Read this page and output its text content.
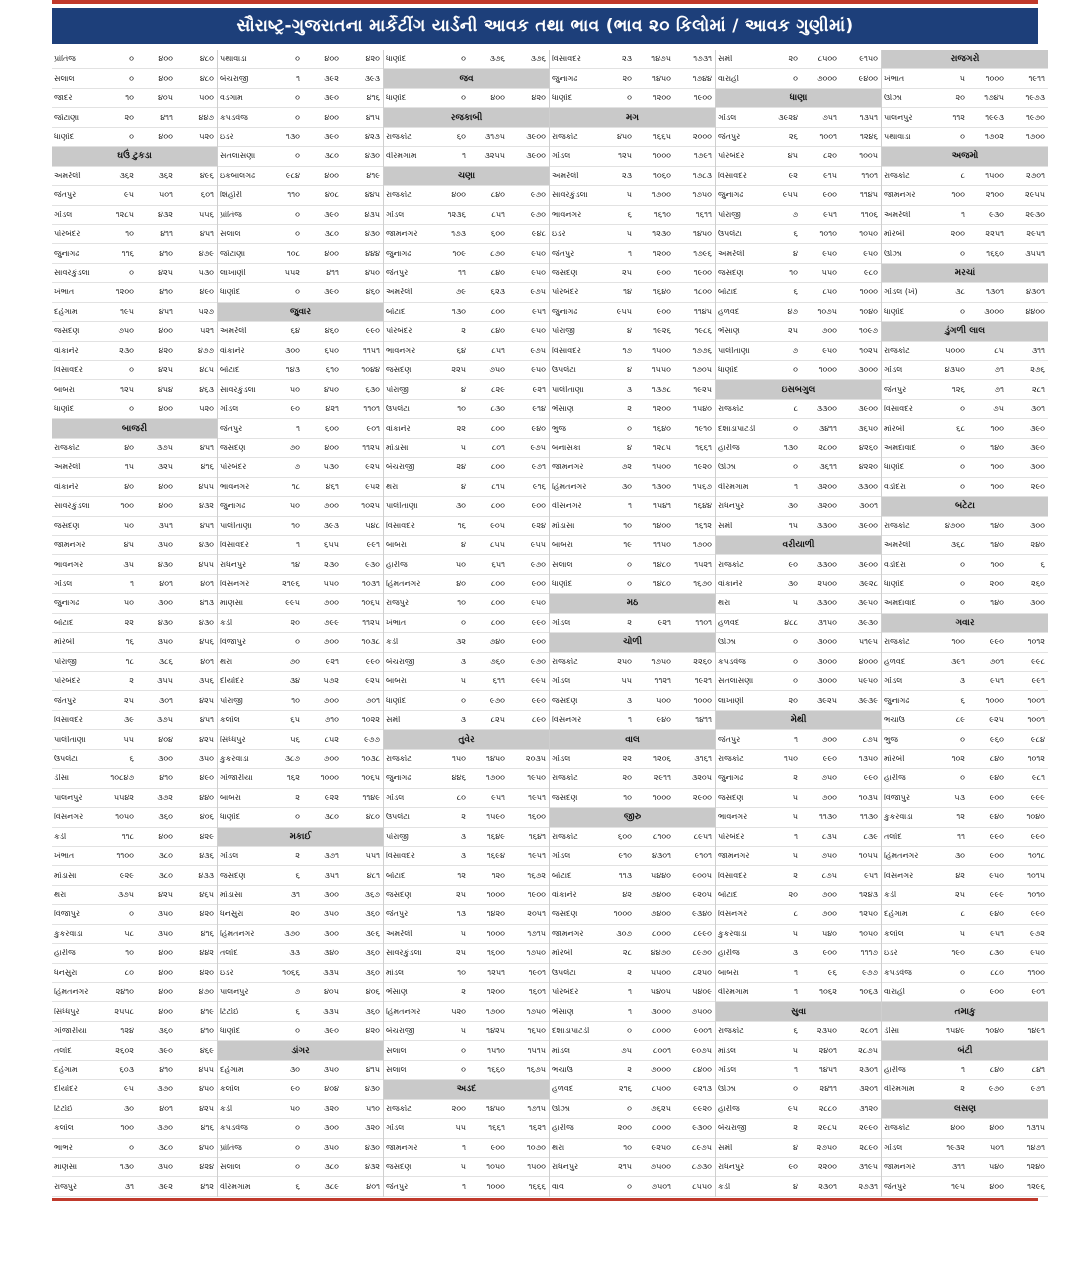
સૌરાષ્ટ્ર-ગુજરાતના માર્કેટીંગ યાર્ડની આવક તથા ભાવ (ભાવ ૨૦ કિલોમાં / આવક ગુણીમાં)
પ્રાંતિજ	૦	૪૦૦	૪૮૦
સલાલ	૦	૪૦૦	૪૮૦
જાદર	૧૦	૪૦૫	૫૦૦
જોટાણા	૨૦	૪૧૧	૪૪૭
ધાણોદ	૦	૪૦૦	૫૨૦
ઘઉં ટુકડા
અમરેલી	૩૬૨	૩૬૨	૪૯૬
જેતપુર	૯૫	૫૦૧	૬૦૧
ગોંડલ	૧૨૮૫	૪૩૨	૫૫૬
પોરબંદર	૧૦	૪૧૧	૪૫૧
જુનાગઢ	૧૧૬	૪૧૦	૪૭૯
સાવરકુંડલા	૦	૪૨૫	૫૩૦
ખંભાત	૧૨૦૦	૪૧૦	૪૯૦
દહેગામ	૧૯૫	૪૫૧	૫૨૭
જસદણ	૭૫૦	૪૦૦	૫૨૧
વાંકાનેર	૨૩૦	૪૨૦	૪૭૭
વિસાવદર	૦	૪૨૫	૪૮૫
બાબરા	૧૨૫	૪૫૪	૪૬૩
ધાણોદ	૦	૪૦૦	૫૨૦
બાજરી
રાજકોટ	૪૦	૩૭૫	૪૫૧
અમરેલી	૧૫	૩૨૫	૪૧૬
વાંકાનેર	૪૦	૪૦૦	૪૫૫
સાવરકુંડલા	૧૦૦	૪૦૦	૪૩૨
જસદણ	૫૦	૩૫૧	૪૫૧
જામનગર	૪૫	૩૫૦	૪૩૦
ભાવનગર	૩૫	૪૩૦	૪૫૫
ગોંડલ	૧	૪૦૧	૪૦૧
જુનાગઢ	૫૦	૩૦૦	૪૧૩
બોટાદ	૨૨	૪૩૦	૪૩૦
મોરબી	૧૬	૩૫૦	૪૫૬
પોરાજી	૧૮	૩૮૬	૪૦૧
પોરબંદર	૨	૩૫૫	૩૫૬
જેતપુર	૨૫	૩૦૧	૪૨૫
વિસાવદર	૩૯	૩૭૫	૪૫૧
પાલીતાણા	૫૫	૪૦૪	૪૨૫
ઉપલેટા	૬	૩૦૦	૩૫૦
ડીસા	૧૦૮૪૭	૪૧૦	૪૯૦
પાલનપુર	૫૫૪૨	૩૭૨	૪૪૦
વિસનગર	૧૦૫૦	૩૬૦	૪૦૬
કડી	૧૧૮	૪૦૦	૪૨૯
ખંભાત	૧૧૦૦	૩૮૦	૪૩૬
મોડાસા	૯૨૯	૩૮૦	૪૩૩
થરા	૩૭૫	૪૨૫	૪૬૫
વિજાપુર	૦	૩૫૦	૪૨૦
કુકરવાડા	૫૮	૩૫૦	૪૧૬
હારીજ	૧૦	૪૦૦	૪૪૨
ધનસુરા	૮૦	૪૦૦	૪૨૦
હિંમતનગર	૨૪૧૦	૪૦૦	૪૭૦
સિધ્ધપુર	૨૫૫૮	૪૦૦	૪૧૯
ગોજારીયા	૧૨૪	૩૬૦	૪૧૦
તલોદ	૨૬૦૨	૩૯૦	૪૬૯
દહેગામ	૬૦૩	૪૧૦	૪૫૫
દીયોદર	૯૫	૩૭૦	૪૫૦
ટિંટોઈ	૩૦	૪૦૧	૪૨૫
કલોલ	૧૦૦	૩૭૦	૪૧૬
ભાભર	૦	૩૮૦	૪૫૦
માણસા	૧૩૦	૩૫૦	૪૨૪
રાજપુર	૩૧	૩૯૨	૪૧૨
પથાવાડા	૦	૪૦૦	૪૨૦
બેચરાજી	૧	૩૯૨	૩૯૩
વડગામ	૦	૩૯૦	૪૧૬
કપડવંજ	૦	૪૦૦	૪૧૫
ઇડર	૧૩૦	૩૯૦	૪૨૩
સતલાસણા	૦	૩૮૦	૪૩૦
ઇકબાલગઢ	૯૮૪	૪૦૦	૪૧૯
શિહોરી	૧૧૦	૪૦૮	૪૪૫
પ્રાંતિજ	૦	૩૯૦	૪૩૫
સલાલ	૦	૩૮૦	૪૩૦
જોટાણા	૧૦૮	૪૦૦	૪૪૪
લાખાણી	૫૫૨	૪૧૧	૪૫૦
ધાણોદ	૦	૩૯૦	૪૬૦
જુવાર
અમરેલી	૬૪	૪૬૦	૯૯૦
વાંકાનેર	૩૦૦	૬૫૦	૧૧૫૧
બોટાદ	૧૪૩	૬૧૦	૧૦૪૪
સાવરકુંડલા	૫૦	૪૫૦	૬૩૦
ગોંડલ	૯૦	૪૨૧	૧૧૦૧
જેતપુર	૧	૬૦૦	૯૦૧
જસદણ	૭૦	૪૦૦	૧૧૨૫
પોરબંદર	૭	૫૩૦	૯૨૫
ભાવનગર	૧૮	૪૬૧	૯૫૨
જુનાગઢ	૫૦	૭૦૦	૧૦૨૫
પાલીતાણા	૧૦	૩૯૩	૫૪૮
વિસાવદર	૧	૬૫૫	૯૯૧
રાધનપુર	૧૪	૨૩૦	૯૩૦
વિસનગર	૨૧૯૬	૫૫૦	૧૦૩૧
માણસા	૯૯૫	૭૦૦	૧૦૬૫
કડી	૨૦	૭૯૯	૧૧૨૫
વિજાપુર	૦	૭૦૦	૧૦૩૮
થરા	૭૦	૯૨૧	૯૯૦
દીયોદર	૩૪	૫૭૨	૯૨૫
પોરાજી	૧૦	૭૦૦	૭૦૧
કલોલ	૬૫	૭૧૦	૧૦૨૨
સિધ્ધપુર	૫૬	૮૫૨	૯૭૭
કુકરવાડા	૩૮૭	૭૦૦	૧૦૩૮
ગોજારીયા	૧૬૨	૧૦૦૦	૧૦૬૫
બાબરા	૨	૯૨૨	૧૧૪૯
ધાણોદ	૦	૩૮૦	૪૮૦
મકાઈ
ગોંડલ	૨	૩૭૧	૫૫૧
જસદણ	૬	૩૫૧	૪૮૧
મોડાસા	૩૧	૩૦૦	૩૬૭
ધનસુરા	૨૦	૩૫૦	૩૬૦
હિંમતનગર	૩૭૦	૩૦૦	૩૯૬
તલોદ	૩૩	૩૪૦	૩૬૦
ઇડર	૧૦૬૬	૩૩૫	૩૬૦
પાલનપુર	૭	૪૦૫	૪૦૬
ટિંટોઈ	૬	૩૩૫	૩૬૦
ધાણોદ	૦	૩૯૦	૪૨૦
ડાંગર
દહેગામ	૩૦	૩૫૦	૪૧૫
કલોલ	૯૦	૪૦૪	૪૩૦
કડી	૫૦	૩૨૦	૫૧૦
કપડવંજ	૦	૩૦૦	૩૨૦
પ્રાંતિજ	૦	૩૫૦	૪૩૦
સલાલ	૦	૩૮૦	૪૩૨
વીરમગામ	૬	૩૮૯	૪૦૧
ધાણોદ	૦	૩૭૬	૩૭૬
જવ
ધાણોદ	૦	૪૦૦	૪૨૦
રજકાબી
રાજકોટ	૬૦	૩૧૭૫	૩૯૦૦
વીરમગામ	૧	૩૨૫૫	૩૯૦૦
ચણા
રાજકોટ	૪૦૦	૮૪૦	૯૭૦
ગોંડલ	૧૨૩૬	૮૫૧	૯૭૦
જામનગર	૧૭૩	૬૦૦	૯૪૮
જુનાગઢ	૧૦૯	૮૭૦	૯૫૦
જેતપુર	૧૧	૮૪૦	૯૫૦
અમરેલી	૭૯	૬૨૩	૯૭૫
બોટાદ	૧૩૦	૮૦૦	૯૫૧
પોરબંદર	૨	૮૪૦	૯૫૦
ભાવનગર	૬૪	૮૫૧	૯૭૫
જસદણ	૨૨૫	૭૫૦	૯૫૦
પોરાજી	૪	૮૨૯	૯૨૧
ઉપલેટા	૧૦	૮૩૦	૯૧૪
વાંકાનેર	૨૨	૮૦૦	૯૪૦
મોડાસા	૫	૮૦૧	૯૭૫
બેચરાજી	૨૪	૮૦૦	૯૭૧
થરા	૪	૮૧૫	૯૧૬
પાલીતાણા	૩૦	૮૦૦	૯૦૦
વિસાવદર	૧૬	૯૦૫	૯૨૪
બાબરા	૪	૮૫૫	૯૫૫
હારીજ	૫૦	૬૫૧	૯૭૦
હિંમતનગર	૪૦	૮૦૦	૯૦૦
રાજપુર	૧૦	૮૦૦	૯૫૦
ખંભાત	૦	૮૦૦	૯૯૦
કડી	૩૨	૭૪૦	૯૦૦
બેચરાજી	૩	૭૬૦	૯૭૦
બાબરા	૫	૬૧૧	૯૯૫
ધાણોદ	૦	૯૭૦	૯૯૦
સમી	૩	૮૨૫	૮૯૦
તુવેર
રાજકોટ	૧૫૦	૧૪૫૦	૨૦૩૫
જુનાગઢ	૪૪૬	૧૭૦૦	૧૯૫૦
ગોંડલ	૮૦	૯૫૧	૧૯૫૧
ઉપલેટા	૨	૧૫૯૦	૧૬૦૦
પોરાજી	૩	૧૬૪૯	૧૬૪૧
વિસાવદર	૩	૧૬૯૪	૧૯૫૧
બોટાદ	૧૨	૧૨૦	૧૬૭૨
જસદણ	૨૫	૧૦૦૦	૧૯૦૦
જેતપુર	૧૩	૧૪૨૦	૨૦૫૧
અમરેલી	૫	૧૦૦૦	૧૭૧૫
સાવરકુંડલા	૨૫	૧૬૦૦	૧૭૫૦
માંડલ	૧૦	૧૨૫૧	૧૯૦૧
ભેંસાણ	૨	૧૨૦૦	૧૬૦૧
હિંમતનગર	૫૨૦	૧૭૦૦	૧૭૫૦
બેચરાજી	૫	૧૪૨૫	૧૬૫૦
સલાલ	૦	૧૫૧૦	૧૫૧૫
સલાલ	૦	૧૬૬૦	૧૬૭૫
અડદ
રાજકોટ	૨૦૦	૧૪૫૦	૧૭૧૫
ગોંડલ	૫૫	૧૬૬૧	૧૬૨૧
જામનગર	૧	૯૦૦	૧૦૭૦
જસદણ	૫	૧૦૫૦	૧૫૦૦
જેતપુર	૧	૧૦૦૦	૧૬૬૬
વિસાવદર	૨૩	૧૪૭૫	૧૭૩૧
જુનાગઢ	૨૦	૧૪૫૦	૧૭૪૪
ધાણોદ	૦	૧૨૦૦	૧૯૦૦
મગ
રાજકોટ	૪૫૦	૧૬૬૫	૨૦૦૦
ગોંડલ	૧૨૫	૧૦૦૦	૧૭૯૧
અમરેલી	૨૩	૧૦૬૦	૧૭૮૩
સાવરકુંડલા	૫	૧૭૦૦	૧૭૫૦
ભાવનગર	૬	૧૬૧૦	૧૬૧૧
ઇડર	૫	૧૨૩૦	૧૪૫૦
જેતપુર	૧	૧૨૦૦	૧૭૯૬
જસદણ	૨૫	૯૦૦	૧૯૦૦
પોરબંદર	૧૪	૧૬૪૦	૧૮૦૦
જુનાગઢ	૯૫૫	૯૦૦	૧૧૪૫
પોરાજી	૪	૧૯૨૬	૧૯૮૬
વિસાવદર	૧૭	૧૫૦૦	૧૭૭૬
ઉપલેટા	૪	૧૫૫૦	૧૭૦૫
પાલીતાણા	૩	૧૩૭૮	૧૯૨૫
ભેંસાણ	૨	૧૨૦૦	૧૫૪૦
ભુજ	૦	૧૬૪૦	૧૯૧૦
બનાસકા	૪	૧૨૮૫	૧૬૬૧
જામનગર	૭૨	૧૫૦૦	૧૯૨૦
હિંમતનગર	૩૦	૧૩૦૦	૧૫૬૭
વીસનગર	૧	૧૫૪૧	૧૬૪૪
મોડાસા	૧૦	૧૪૦૦	૧૬૧૨
બાબરા	૧૯	૧૧૫૦	૧૭૦૦
સલાલ	૦	૧૪૮૦	૧૫૨૧
ધાણોદ	૦	૧૪૮૦	૧૬૭૦
મઠ
ગોંડલ	૨	૯૨૧	૧૧૦૧
ચોળી
રાજકોટ	૨૫૦	૧૭૫૦	૨૨૬૦
ગોંડલ	૫૫	૧૧૨૧	૧૯૨૧
જસદણ	૩	૫૦૦	૧૦૦૦
વિસનગર	૧	૯૪૦	૧૪૧૧
વાલ
ગોંડલ	૨૨	૧૨૦૬	૩૧૬૧
રાજકોટ	૨૦	૨૯૧૧	૩૨૦૫
જસદણ	૧૦	૧૦૦૦	૨૯૦૦
જીરુ
રાજકોટ	૬૦૦	૮૧૦૦	૮૯૫૧
ગોંડલ	૯૧૦	૪૩૦૧	૯૧૦૧
બોટાદ	૧૧૩	૫૪૪૦	૯૦૦૫
વાંકાનેર	૪૨	૭૪૦૦	૯૨૦૫
જસદણ	૧૦૦૦	૭૪૦૦	૯૩૪૦
જામનગર	૩૦૭	૮૦૦૦	૮૯૯૦
મોરબી	૨૮	૪૪૭૦	૮૯૭૦
ઉપલેટા	૨	૫૫૦૦	૮૨૫૦
પોરબંદર	૧	૫૪૦૫	૫૪૦૯
ભેંસાણ	૧	૩૦૦૦	૭૫૦૦
દશાડાપાટડી	૦	૮૦૦૦	૯૦૦૧
માંડલ	૭૫	૮૦૦૧	૯૦૭૫
ભચાઉ	૨	૭૦૦૦	૮૪૦૦
હળવદ	૨૧૬	૮૫૦૦	૯૨૧૩
ઊંઝા	૦	૭૬૨૫	૯૯૨૦
હારીજ	૨૦૦	૮૦૦૦	૯૩૦૦
થરા	૧૦	૯૨૫૦	૮૯૭૫
રાધનપુર	૨૧૫	૭૫૦૦	૮૭૩૦
વાવ	૦	૭૫૦૧	૮૫૫૦
સમી	૨૦	૮૫૦૦	૯૧૫૦
વારાહી	૦	૭૦૦૦	૯૪૦૦
ધાણા
ગોંડલ	૩૯૨૪	૭૫૧	૧૩૫૧
જેતપુર	૨૬	૧૦૦૧	૧૨૪૬
પોરબંદર	૪૫	૮૨૦	૧૦૦૫
વિસાવદર	૯૨	૯૧૫	૧૧૦૧
જુનાગઢ	૯૫૫	૯૦૦	૧૧૪૫
પોરાજી	૭	૯૫૧	૧૧૦૬
ઉપલેટા	૬	૧૦૧૦	૧૦૫૦
અમરેલી	૪	૯૫૦	૯૫૦
જસદણ	૧૦	૫૫૦	૯૮૦
બોટાદ	૬	૮૫૦	૧૦૦૦
હળવદ	૪૭	૧૦૭૫	૧૦૪૦
ભેંસાણ	૨૫	૭૦૦	૧૦૯૭
પાલીતાણા	૭	૯૫૦	૧૦૨૫
ધાણોદ	૦	૧૦૦૦	૩૦૦૦
ઇસબગુલ
રાજકોટ	૮	૩૩૦૦	૩૯૦૦
દશાડાપાટડી	૦	૩૪૧૧	૩૬૫૦
હારીજ	૧૩૦	૨૮૦૦	૪૨૬૦
ઊંઝા	૦	૩૬૧૧	૪૨૨૦
વીરમગામ	૧	૩૨૦૦	૩૩૦૦
રાધનપુર	૩૦	૩૨૦૦	૩૦૦૧
સમી	૧૫	૩૩૦૦	૩૯૦૦
વરીયાળી
રાજકોટ	૯૦	૩૩૦૦	૩૯૦૦
વાંકાનેર	૩૦	૨૫૦૦	૩૯૨૮
થરા	૫	૩૩૦૦	૩૯૫૦
હળવદ	૪૮૮	૩૧૫૦	૩૯૩૦
ઊંઝા	૦	૩૦૦૦	૫૧૯૫
કપડવંજ	૦	૩૦૦૦	૪૦૦૦
સતલાસણા	૦	૩૦૦૦	૫૯૫૦
લાખાણી	૨૦	૩૯૨૫	૩૯૩૯
મેથી
જેતપુર	૧	૭૦૦	૮૭૫
રાજકોટ	૧૫૦	૯૯૦	૧૩૫૦
જુનાગઢ	૨	૭૫૦	૯૯૦
જસદણ	૫	૭૦૦	૧૦૩૫
ભાવનગર	૫	૧૧૩૦	૧૧૩૦
પોરબંદર	૧	૮૩૫	૮૩૯
જામનગર	૫	૭૫૦	૧૦૫૫
વિસાવદર	૨	૮૭૫	૯૫૧
બોટાદ	૨૦	૭૦૦	૧૨૪૩
વિસનગર	૮	૭૦૦	૧૨૫૦
કુકરવાડા	૫	૫૪૦	૧૦૫૦
હારીજ	૩	૯૦૦	૧૧૧૭
બાબરા	૧	૯૬	૯૭૭
વીરમગામ	૧	૧૦૬૨	૧૦૬૩
સુવા
રાજકોટ	૬	૨૩૫૦	૨૮૦૧
માંડલ	૫	૨૪૦૧	૨૮૭૫
ગોંડલ	૧	૧૪૫૧	૨૩૦૧
ઊંઝા	૦	૨૪૧૧	૩૨૦૧
હારીજ	૯૫	૨૮૮૦	૩૧૨૦
બેચરાજી	૨	૨૯૮૫	૨૯૯૦
સમી	૪	૨૭૫૦	૨૮૯૦
રાધનપુર	૯૦	૨૨૦૦	૩૧૯૫
કડી	૪	૨૩૦૧	૨૭૩૧
રાજગરો
ખંભાત	૫	૧૦૦૦	૧૯૧૧
ઊંઝા	૨૦	૧૭૪૫	૧૯૭૩
પાલનપુર	૧૧૨	૧૯૯૩	૧૯૭૦
પથાવાડા	૦	૧૭૦૨	૧૭૦૦
અજમો
રાજકોટ	૮	૧૫૦૦	૨૭૦૧
જામનગર	૧૦૦	૨૧૦૦	૨૯૫૫
અમરેલી	૧	૯૩૦	૨૯૩૦
મોરબી	૨૦૦	૨૨૫૧	૨૯૫૧
ઊંઝા	૦	૧૬૬૦	૩૫૫૧
મરચાં
ગોંડલ (ખે)	૩૮	૧૩૦૧	૪૩૦૧
ધાણોદ	૦	૩૦૦૦	૪૪૦૦
ડુંગળી લાલ
રાજકોટ	૫૦૦૦	૮૫	૩૧૧
ગોંડલ	૪૩૫૦	૭૧	૨૭૬
જેતપુર	૧૨૬	૭૧	૨૮૧
વિસાવદર	૦	૭૫	૩૦૧
મોરબી	૬૮	૧૦૦	૩૯૦
અમદાવાદ	૦	૧૪૦	૩૯૦
ધાણોદ	૦	૧૦૦	૩૦૦
વડોદરા	૦	૧૦૦	૨૯૦
બટેટા
રાજકોટ	૪૭૦૦	૧૪૦	૩૦૦
અમરેલી	૩૬૮	૧૪૦	૨૪૦
વડોદરા	૦	૧૦૦	૬
ધાણોદ	૦	૨૦૦	૨૬૦
અમદાવાદ	૦	૧૪૦	૩૦૦
ગવાર
રાજકોટ	૧૦૦	૯૯૦	૧૦૧૨
હળવદ	૩૯૧	૭૦૧	૯૯૮
ગોંડલ	૩	૯૫૧	૯૯૧
જુનાગઢ	૬	૧૦૦૦	૧૦૦૧
ભચાઉ	૮૯	૯૨૫	૧૦૦૧
ભુજ	૦	૯૬૦	૯૮૪
મોરબી	૧૦૨	૮૪૦	૧૦૧૨
હારીજ	૦	૯૪૦	૯૮૧
વિજાપુર	૫૩	૯૦૦	૯૯૯
કુકરવાડા	૧૨	૯૪૦	૧૦૪૦
તલોદ	૧૧	૯૯૦	૯૯૦
હિંમતનગર	૩૦	૯૦૦	૧૦૧૮
વિસનગર	૪૨	૯૫૦	૧૦૧૫
કડી	૨૫	૯૯૯	૧૦૧૦
દહેગામ	૮	૯૪૦	૯૯૦
કલોલ	૫	૯૫૧	૯૭૨
ઇડર	૧૯૦	૮૩૦	૯૫૦
કપડવંજ	૦	૮૮૦	૧૧૦૦
વારાહી	૦	૯૦૦	૯૦૧
તમાકુ
ડીસા	૧૫૪૯	૧૦૪૦	૧૪૯૧
બંટી
હારીજ	૧	૮૪૦	૮૪૧
વીરમગામ	૨	૯૭૦	૯૭૧
લસણ
રાજકોટ	૪૦૦	૪૦૦	૧૩૧૫
ગોંડલ	૧૯૩૨	૫૦૧	૧૪૭૧
જામનગર	૩૧૧	૫૪૦	૧૨૪૦
જેતપુર	૧૯૫	૪૦૦	૧૨૯૬
